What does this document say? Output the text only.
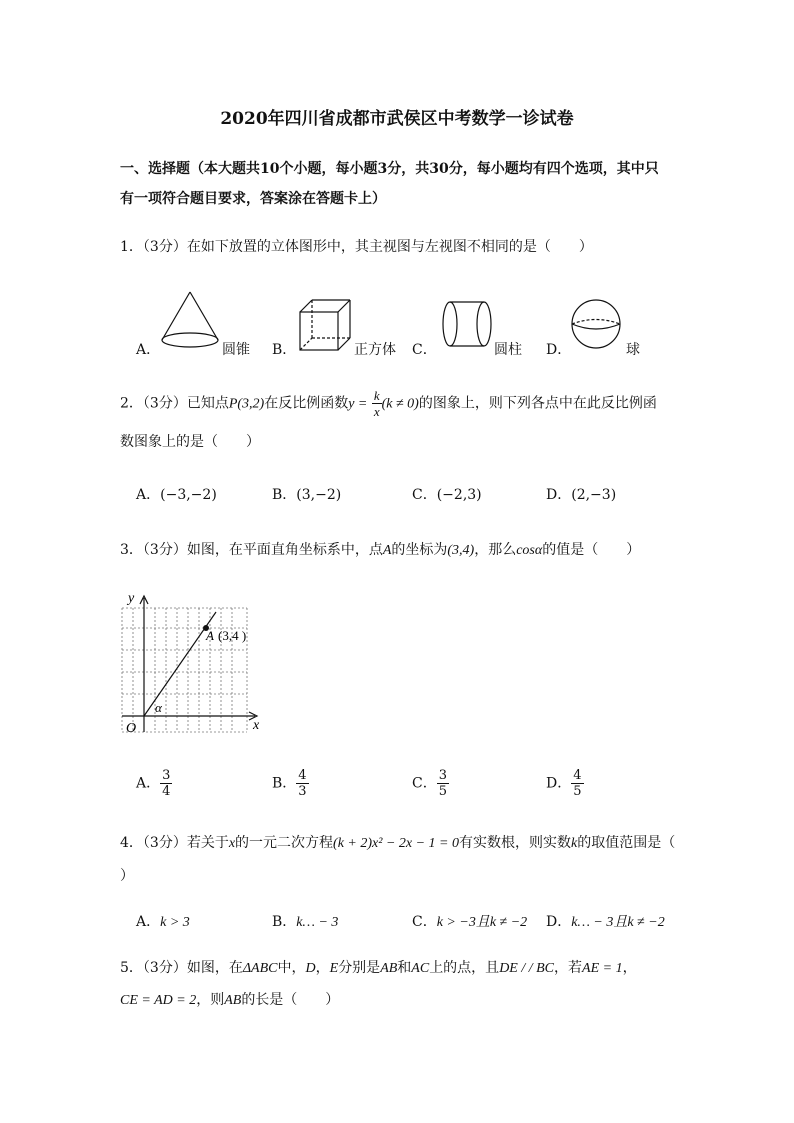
2020年四川省成都市武侯区中考数学一诊试卷
一、选择题（本大题共10个小题，每小题3分，共30分，每小题均有四个选项，其中只
有一项符合题目要求，答案涂在答题卡上）
1．（3分）在如下放置的立体图形中，其主视图与左视图不相同的是（　　）
A．	圆锥 B．	正方体 C．	圆柱 D．	球
2．（3分）已知点P(3,2)在反比例函数$y = \frac{k}{x} (k \ne 0)$的图象上，则下列各点中在此反比例函
数图象上的是（　　）
A．(−3,−2)	B．(3,−2)	C．(−2,3)	D．(2,−3)
3．（3分）如图，在平面直角坐标系中，点A的坐标为(3,4)，那么cosα的值是（　　）
y
x
O
A (3,4 )
α
A． $\frac{3}{4}$	B． $\frac{4}{3}$	C． $\frac{3}{5}$	D． $\frac{4}{5}$
4．（3分）若关于x的一元二次方程(k + 2)x² − 2x − 1 = 0有实数根，则实数k的取值范围是（
）
A．k > 3	B．k… − 3	C．k > −3且k ≠ −2 D．k… − 3且k ≠ −2
5．（3分）如图，在ΔABC中，D，E分别是AB和AC上的点，且DE / / BC，若AE = 1，
CE = AD = 2，则AB的长是（　　）
